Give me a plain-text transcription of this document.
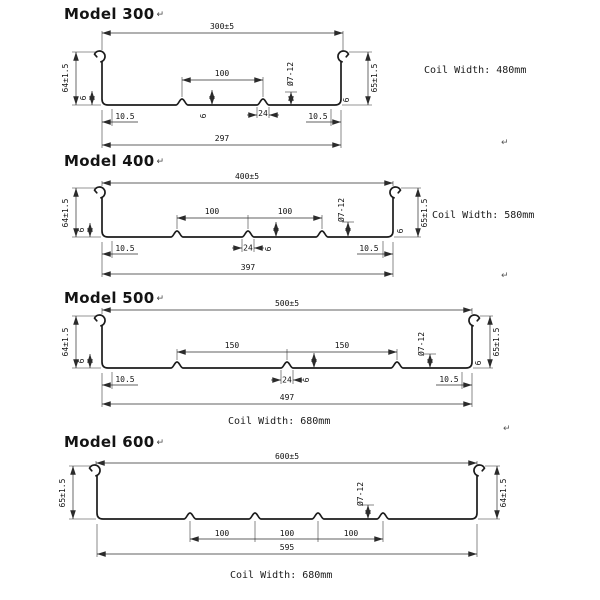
Model 300 ↵
Model 400 ↵
Model 500 ↵
Model 600 ↵
Coil Width: 480mm
Coil Width: 580mm
Coil Width: 680mm
Coil Width: 680mm
↵
↵
↵
300±5
64±1.5	65±1.5
100	Ø7-12
6
6	6
10.5	10.5
24
297
400±5
64±1.5	65±1.5
100	100	Ø7-12
6
6	6
24
10.5	10.5
397
500±5
64±1.5	65±1.5
150	150	Ø7-12
6
6	6
24
10.5	10.5
497
600±5
65±1.5	64±1.5
Ø7-12
100	100	100
595
